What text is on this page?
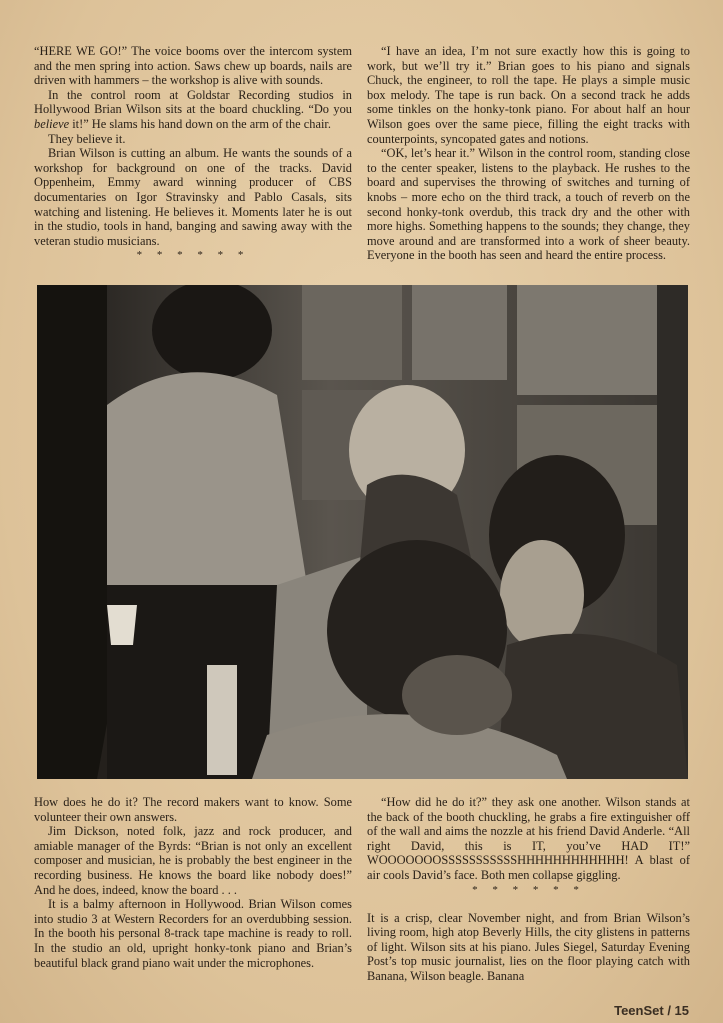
“HERE WE GO!” The voice booms over the intercom system and the men spring into action. Saws chew up boards, nails are driven with hammers – the workshop is alive with sounds.

In the control room at Goldstar Recording studios in Hollywood Brian Wilson sits at the board chuckling. “Do you believe it!” He slams his hand down on the arm of the chair.

They believe it.

Brian Wilson is cutting an album. He wants the sounds of a workshop for background on one of the tracks. David Oppenheim, Emmy award winning producer of CBS documentaries on Igor Stravinsky and Pablo Casals, sits watching and listening. He believes it. Moments later he is out in the studio, tools in hand, banging and sawing away with the veteran studio musicians.

* * * * * *

“I have an idea, I’m not sure exactly how this is going to work, but we’ll try it.” Brian goes to his piano and signals Chuck, the engineer, to roll the tape. He plays a simple music box melody. The tape is run back. On a second track he adds some tinkles on the honky-tonk piano. For about half an hour Wilson goes over the same piece, filling the eight tracks with counterpoints, syncopated gates and notions.

“OK, let’s hear it.” Wilson in the control room, standing close to the center speaker, listens to the playback. He rushes to the board and supervises the throwing of switches and turning of knobs – more echo on the third track, a touch of reverb on the second honky-tonk overdub, this track dry and the other with more highs. Something happens to the sounds; they change, they move around and are transformed into a work of sheer beauty. Everyone in the booth has seen and heard the entire process.

How does he do it? The record makers want to know. Some volunteer their own answers.

Jim Dickson, noted folk, jazz and rock producer, and amiable manager of the Byrds: “Brian is not only an excellent composer and musician, he is probably the best engineer in the recording business. He knows the board like nobody does!” And he does, indeed, know the board . . .

It is a balmy afternoon in Hollywood. Brian Wilson comes into studio 3 at Western Recorders for an overdubbing session. In the booth his personal 8-track tape machine is ready to roll. In the studio an old, upright honky-tonk piano and Brian’s beautiful black grand piano wait under the microphones.

“How did he do it?” they ask one another. Wilson stands at the back of the booth chuckling, he grabs a fire extinguisher off of the wall and aims the nozzle at his friend David Anderle. “All right David, this is IT, you’ve HAD IT!” WOOOOOOOSSSSSSSSSSSHHHHHHHHHHHH! A blast of air cools David’s face. Both men collapse giggling.

* * * * * *

It is a crisp, clear November night, and from Brian Wilson’s living room, high atop Beverly Hills, the city glistens in patterns of light. Wilson sits at his piano. Jules Siegel, Saturday Evening Post’s top music journalist, lies on the floor playing catch with Banana, Wilson beagle. Banana

TeenSet / 15
